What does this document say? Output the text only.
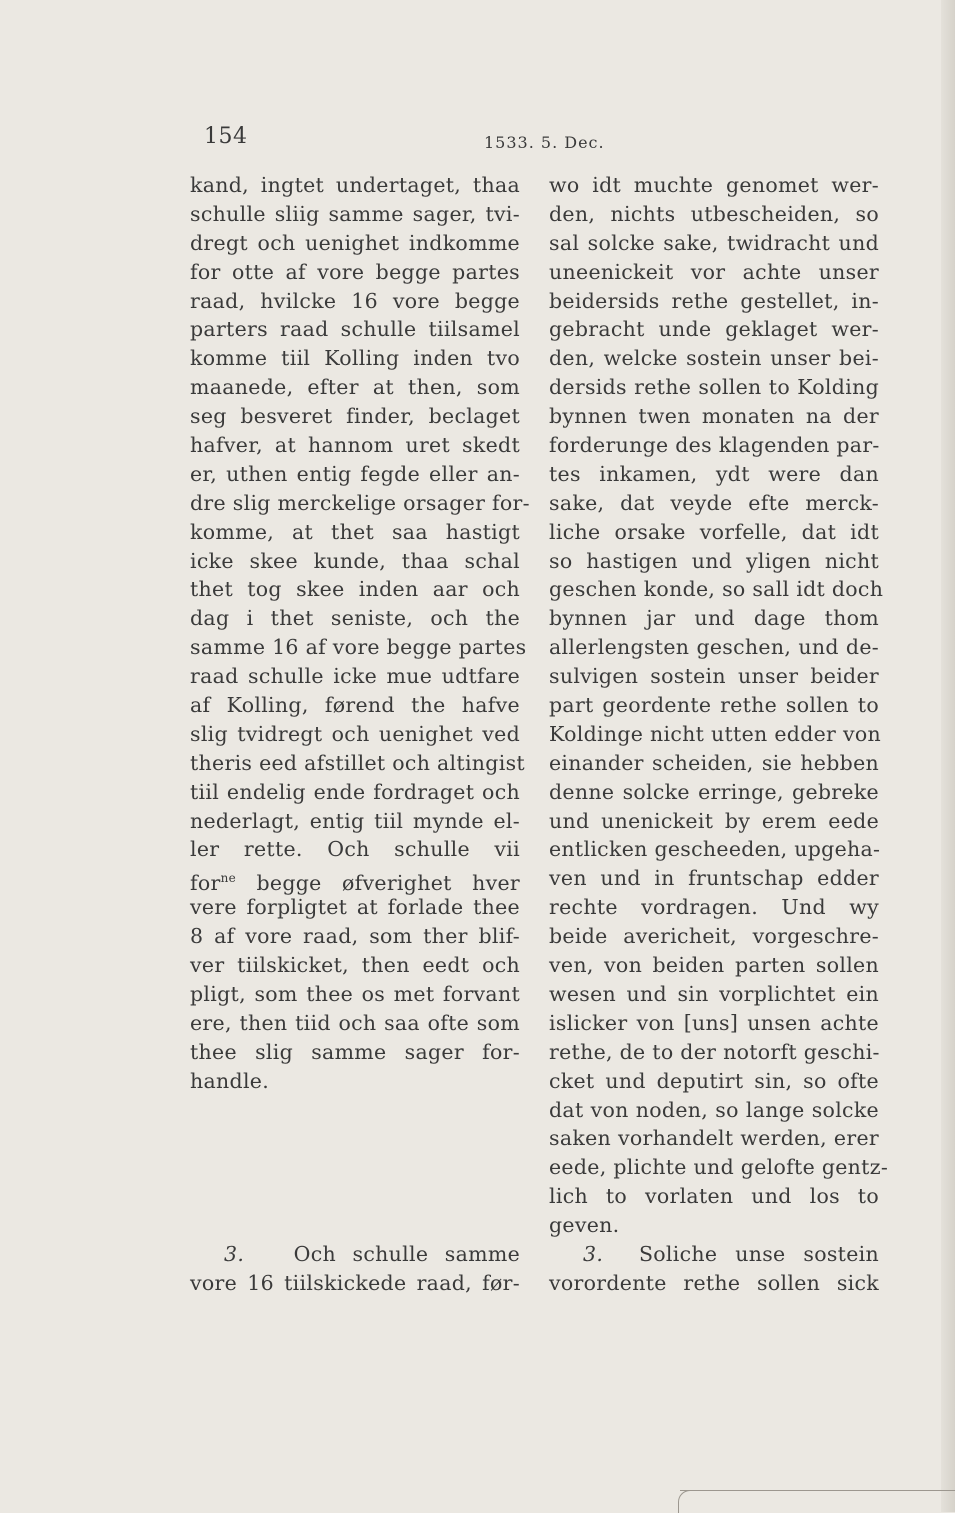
154	1533. 5. Dec.
kand, ingtet undertaget, thaa
schulle sliig samme sager, tvi-
dregt och uenighet indkomme
for otte af vore begge partes
raad, hvilcke 16 vore begge
parters raad schulle tiilsamel
komme tiil Kolling inden tvo
maanede, efter at then, som
seg besveret finder, beclaget
hafver, at hannom uret skedt
er, uthen entig fegde eller an-
dre slig merckelige orsager for-
komme, at thet saa hastigt
icke skee kunde, thaa schal
thet tog skee inden aar och
dag i thet seniste, och the
samme 16 af vore begge partes
raad schulle icke mue udtfare
af Kolling, førend the hafve
slig tvidregt och uenighet ved
theris eed afstillet och altingist
tiil endelig ende fordraget och
nederlagt, entig tiil mynde el-
ler rette. Och schulle vii
for$^{ne}$ begge øfverighet hver
vere forpligtet at forlade thee
8 af vore raad, som ther blif-
ver tiilskicket, then eedt och
pligt, som thee os met forvant
ere, then tiid och saa ofte som
thee slig samme sager for-
handle.
3. Och schulle samme
vore 16 tiilskickede raad, før-
wo idt muchte genomet wer-
den, nichts utbescheiden, so
sal solcke sake, twidracht und
uneenickeit vor achte unser
beidersids rethe gestellet, in-
gebracht unde geklaget wer-
den, welcke sostein unser bei-
dersids rethe sollen to Kolding
bynnen twen monaten na der
forderunge des klagenden par-
tes inkamen, ydt were dan
sake, dat veyde efte merck-
liche orsake vorfelle, dat idt
so hastigen und yligen nicht
geschen konde, so sall idt doch
bynnen jar und dage thom
allerlengsten geschen, und de-
sulvigen sostein unser beider
part geordente rethe sollen to
Koldinge nicht utten edder von
einander scheiden, sie hebben
denne solcke erringe, gebreke
und unenickeit by erem eede
entlicken gescheeden, upgeha-
ven und in fruntschap edder
rechte vordragen. Und wy
beide avericheit, vorgeschre-
ven, von beiden parten sollen
wesen und sin vorplichtet ein
islicker von [uns] unsen achte
rethe, de to der notorft geschi-
cket und deputirt sin, so ofte
dat von noden, so lange solcke
saken vorhandelt werden, erer
eede, plichte und gelofte gentz-
lich to vorlaten und los to
geven.
3. Soliche unse sostein
vorordente rethe sollen sick
